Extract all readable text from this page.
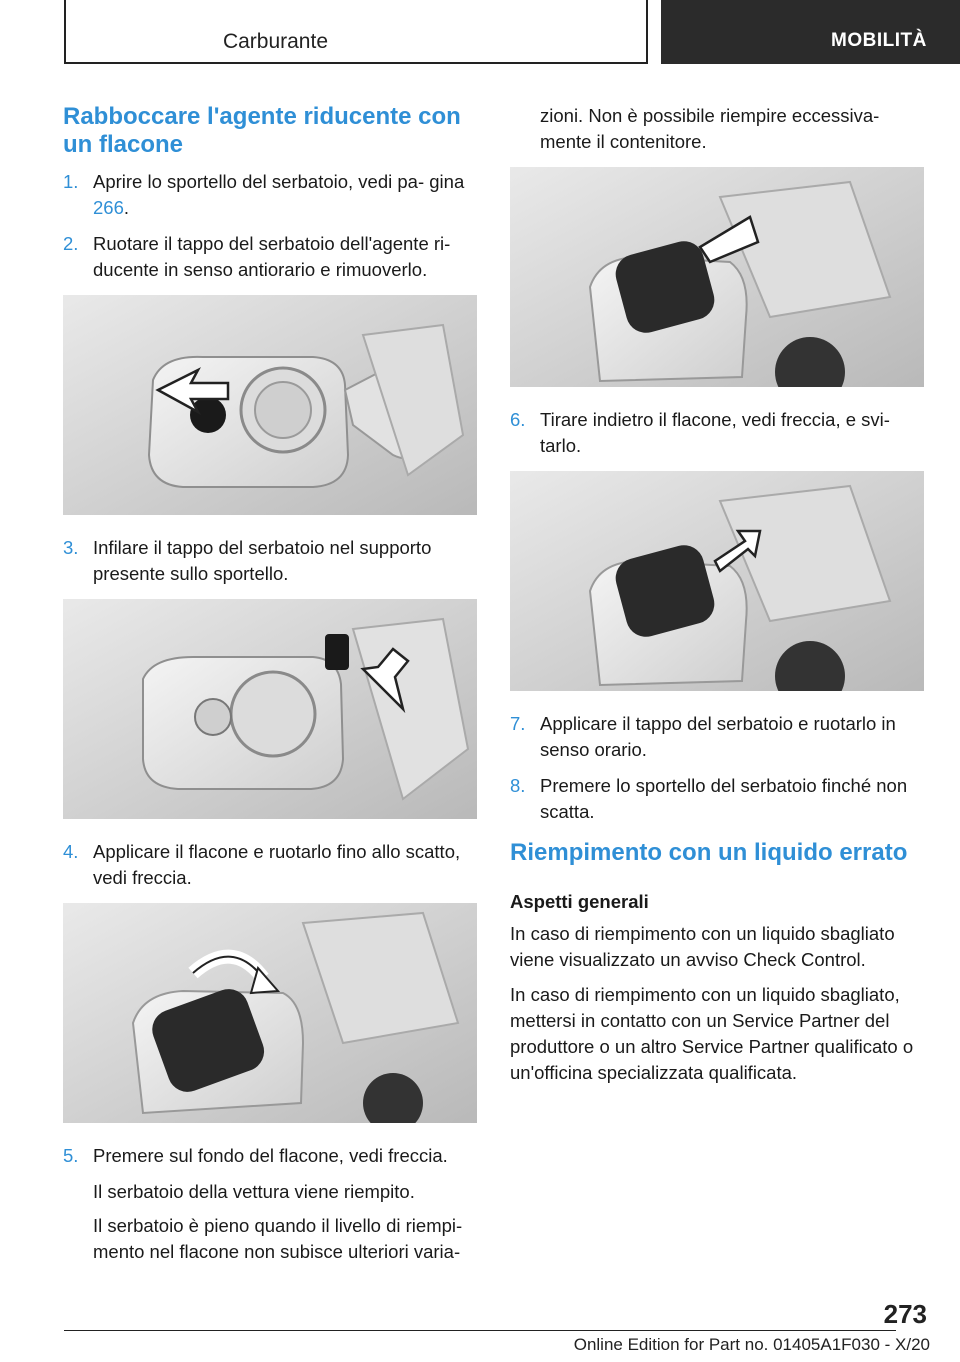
Carburante	MOBILITÀ
Rabboccare l'agente riducente con un flacone
1. Aprire lo sportello del serbatoio, vedi pa- gina 266.
2. Ruotare il tappo del serbatoio dell'agente ri- ducente in senso antiorario e rimuoverlo.
3. Infilare il tappo del serbatoio nel supporto presente sullo sportello.
4. Applicare il flacone e ruotarlo fino allo scatto, vedi freccia.
5. Premere sul fondo del flacone, vedi freccia.
Il serbatoio della vettura viene riempito.
Il serbatoio è pieno quando il livello di riempi- mento nel flacone non subisce ulteriori varia-
zioni. Non è possibile riempire eccessiva- mente il contenitore.
6. Tirare indietro il flacone, vedi freccia, e svi- tarlo.
7. Applicare il tappo del serbatoio e ruotarlo in senso orario.
8. Premere lo sportello del serbatoio finché non scatta.
Riempimento con un liquido errato
Aspetti generali
In caso di riempimento con un liquido sbagliato viene visualizzato un avviso Check Control.
In caso di riempimento con un liquido sbagliato, mettersi in contatto con un Service Partner del produttore o un altro Service Partner qualificato o un'officina specializzata qualificata.
273
Online Edition for Part no. 01405A1F030 - X/20
